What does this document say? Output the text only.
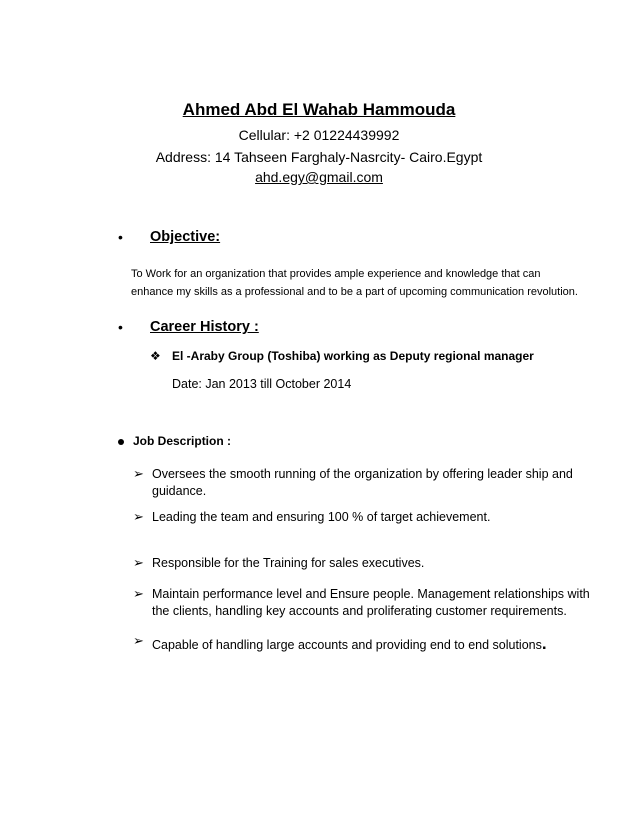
Ahmed Abd El Wahab Hammouda
Cellular: +2 01224439992
Address: 14 Tahseen Farghaly-Nasrcity- Cairo.Egypt
ahd.egy@gmail.com
• Objective:
To Work for an organization that provides ample experience and knowledge that can
enhance my skills as a professional and to be a part of upcoming communication revolution.
• Career History :
❖ El -Araby Group (Toshiba) working as Deputy regional manager
Date: Jan 2013 till October 2014
Job Description :
➢ Oversees the smooth running of the organization by offering leader ship and
guidance.
➢ Leading the team and ensuring 100 % of target achievement.
➢ Responsible for the Training for sales executives.
➢ Maintain performance level and Ensure people. Management relationships with
the clients, handling key accounts and proliferating customer requirements.
➢ Capable of handling large accounts and providing end to end solutions.
